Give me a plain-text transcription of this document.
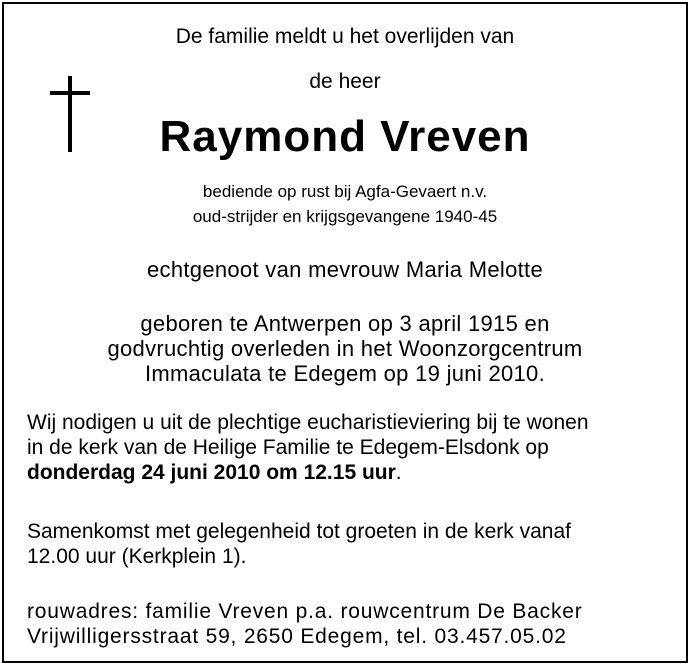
De familie meldt u het overlijden van
de heer
Raymond Vreven
bediende op rust bij Agfa-Gevaert n.v.
oud-strijder en krijgsgevangene 1940-45
echtgenoot van mevrouw Maria Melotte
geboren te Antwerpen op 3 april 1915 en
godvruchtig overleden in het Woonzorgcentrum
Immaculata te Edegem op 19 juni 2010.
Wij nodigen u uit de plechtige eucharistieviering bij te wonen
in de kerk van de Heilige Familie te Edegem-Elsdonk op
donderdag 24 juni 2010 om 12.15 uur.
Samenkomst met gelegenheid tot groeten in de kerk vanaf
12.00 uur (Kerkplein 1).
rouwadres: familie Vreven p.a. rouwcentrum De Backer
Vrijwilligersstraat 59, 2650 Edegem, tel. 03.457.05.02
